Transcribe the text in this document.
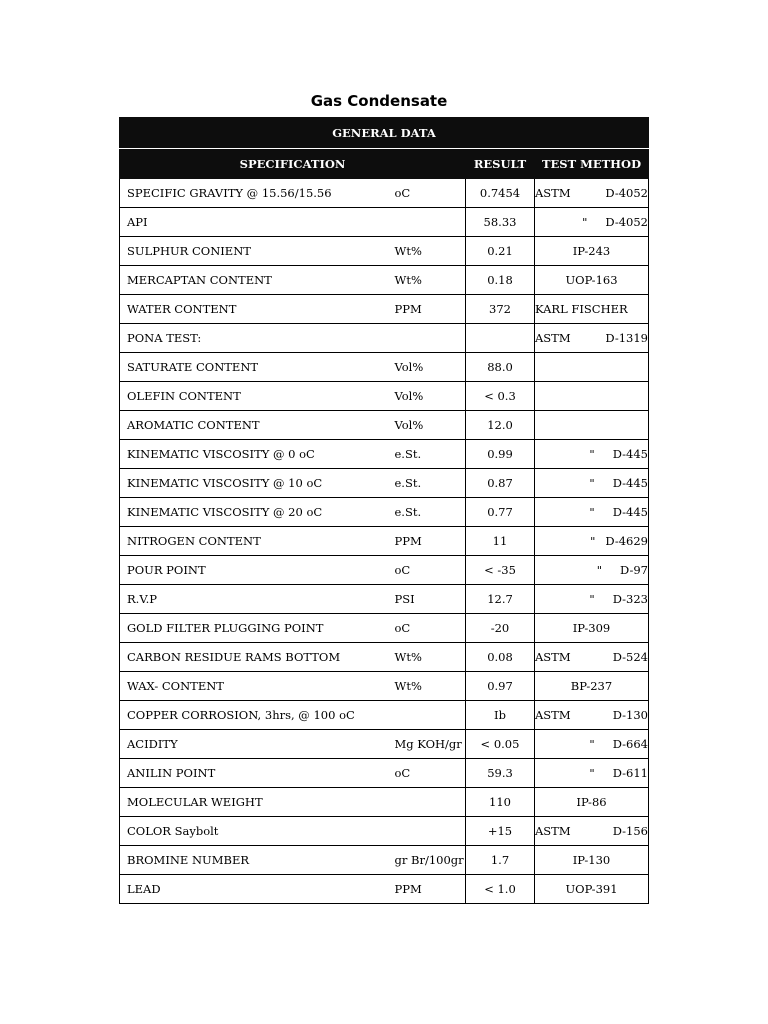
Gas Condensate
GENERAL DATA			
SPECIFICATION		RESULT	TEST METHOD
SPECIFIC GRAVITY @ 15.56/15.56	oC	0.7454	ASTM D-4052

API		58.33	" D-4052

SULPHUR CONIENT	Wt%	0.21	IP-243

MERCAPTAN CONTENT	Wt%	0.18	UOP-163

WATER CONTENT	PPM	372	KARL FISCHER

PONA TEST:			ASTM D-1319

SATURATE CONTENT	Vol%	88.0	

OLEFIN CONTENT	Vol%	< 0.3	

AROMATIC CONTENT	Vol%	12.0	

KINEMATIC VISCOSITY @ 0 oC	e.St.	0.99	" D-445

KINEMATIC VISCOSITY @ 10 oC	e.St.	0.87	" D-445

KINEMATIC VISCOSITY @ 20 oC	e.St.	0.77	" D-445

NITROGEN CONTENT	PPM	11	" D-4629

POUR POINT	oC	< -35	" D-97

R.V.P	PSI	12.7	" D-323

GOLD FILTER PLUGGING POINT	oC	-20	IP-309

CARBON RESIDUE RAMS BOTTOM	Wt%	0.08	ASTM D-524

WAX- CONTENT	Wt%	0.97	BP-237

COPPER CORROSION, 3hrs, @ 100 oC		Ib	ASTM D-130

ACIDITY	Mg KOH/gr	< 0.05	" D-664

ANILIN POINT	oC	59.3	" D-611

MOLECULAR WEIGHT		110	IP-86

COLOR Saybolt		+15	ASTM D-156

BROMINE NUMBER	gr Br/100gr	1.7	IP-130

LEAD	PPM	< 1.0	UOP-391
